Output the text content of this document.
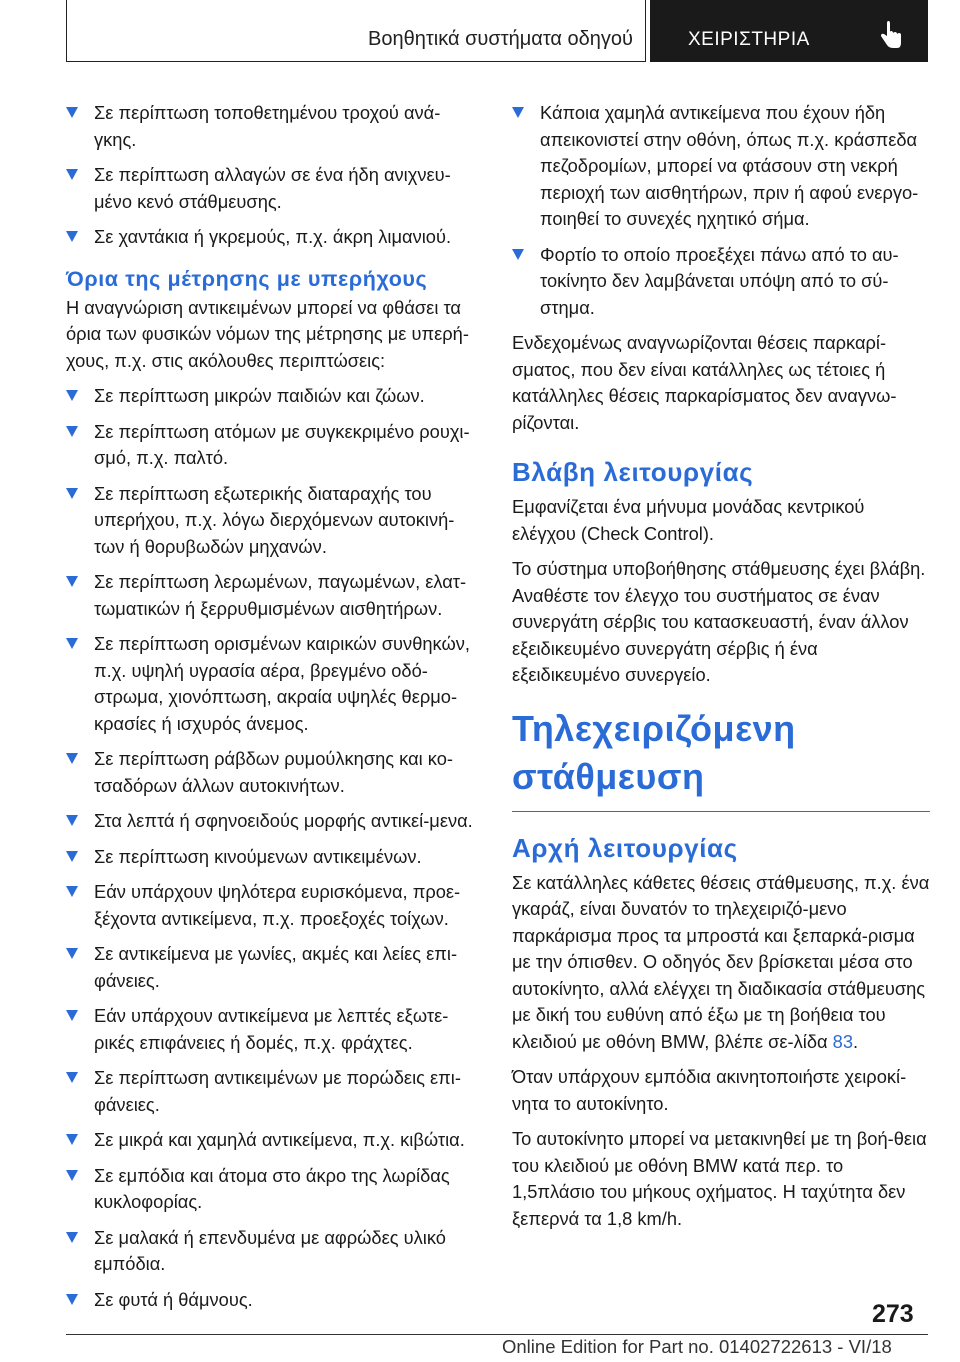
Βοηθητικά συστήματα οδηγού	ΧΕΙΡΙΣΤΗΡΙΑ
Σε περίπτωση τοποθετημένου τροχού ανά-γκης.
Σε περίπτωση αλλαγών σε ένα ήδη ανιχνευ-μένο κενό στάθμευσης.
Σε χαντάκια ή γκρεμούς, π.χ. άκρη λιμανιού.
Όρια της μέτρησης με υπερήχους
Η αναγνώριση αντικειμένων μπορεί να φθάσει τα όρια των φυσικών νόμων της μέτρησης με υπερή-χους, π.χ. στις ακόλουθες περιπτώσεις:
Σε περίπτωση μικρών παιδιών και ζώων.
Σε περίπτωση ατόμων με συγκεκριμένο ρουχι-σμό, π.χ. παλτό.
Σε περίπτωση εξωτερικής διαταραχής του υπερήχου, π.χ. λόγω διερχόμενων αυτοκινή-των ή θορυβωδών μηχανών.
Σε περίπτωση λερωμένων, παγωμένων, ελατ-τωματικών ή ξερρυθμισμένων αισθητήρων.
Σε περίπτωση ορισμένων καιρικών συνθηκών, π.χ. υψηλή υγρασία αέρα, βρεγμένο οδό-στρωμα, χιονόπτωση, ακραία υψηλές θερμο-κρασίες ή ισχυρός άνεμος.
Σε περίπτωση ράβδων ρυμούλκησης και κο-τσαδόρων άλλων αυτοκινήτων.
Στα λεπτά ή σφηνοειδούς μορφής αντικεί-μενα.
Σε περίπτωση κινούμενων αντικειμένων.
Εάν υπάρχουν ψηλότερα ευρισκόμενα, προε-ξέχοντα αντικείμενα, π.χ. προεξοχές τοίχων.
Σε αντικείμενα με γωνίες, ακμές και λείες επι-φάνειες.
Εάν υπάρχουν αντικείμενα με λεπτές εξωτε-ρικές επιφάνειες ή δομές, π.χ. φράχτες.
Σε περίπτωση αντικειμένων με πορώδεις επι-φάνειες.
Σε μικρά και χαμηλά αντικείμενα, π.χ. κιβώτια.
Σε εμπόδια και άτομα στο άκρο της λωρίδας κυκλοφορίας.
Σε μαλακά ή επενδυμένα με αφρώδες υλικό εμπόδια.
Σε φυτά ή θάμνους.
Κάποια χαμηλά αντικείμενα που έχουν ήδη απεικονιστεί στην οθόνη, όπως π.χ. κράσπεδα πεζοδρομίων, μπορεί να φτάσουν στη νεκρή περιοχή των αισθητήρων, πριν ή αφού ενεργο-ποιηθεί το συνεχές ηχητικό σήμα.
Φορτίο το οποίο προεξέχει πάνω από το αυ-τοκίνητο δεν λαμβάνεται υπόψη από το σύ-στημα.
Ενδεχομένως αναγνωρίζονται θέσεις παρκαρί-σματος, που δεν είναι κατάλληλες ως τέτοιες ή κατάλληλες θέσεις παρκαρίσματος δεν αναγνω-ρίζονται.
Βλάβη λειτουργίας
Εμφανίζεται ένα μήνυμα μονάδας κεντρικού ελέγχου (Check Control).
Το σύστημα υποβοήθησης στάθμευσης έχει βλάβη. Αναθέστε τον έλεγχο του συστήματος σε έναν συνεργάτη σέρβις του κατασκευαστή, έναν άλλον εξειδικευμένο συνεργάτη σέρβις ή ένα εξειδικευμένο συνεργείο.
Τηλεχειριζόμενη
στάθμευση
Αρχή λειτουργίας
Σε κατάλληλες κάθετες θέσεις στάθμευσης, π.χ. ένα γκαράζ, είναι δυνατόν το τηλεχειριζό-μενο παρκάρισμα προς τα μπροστά και ξεπαρκά-ρισμα με την όπισθεν. Ο οδηγός δεν βρίσκεται μέσα στο αυτοκίνητο, αλλά ελέγχει τη διαδικασία στάθμευσης με δική του ευθύνη από έξω με τη βοήθεια του κλειδιού με οθόνη BMW, βλέπε σε-λίδα 83.
Όταν υπάρχουν εμπόδια ακινητοποιήστε χειροκί-νητα το αυτοκίνητο.
Το αυτοκίνητο μπορεί να μετακινηθεί με τη βοή-θεια του κλειδιού με οθόνη BMW κατά περ. το 1,5πλάσιο του μήκους οχήματος. Η ταχύτητα δεν ξεπερνά τα 1,8 km/h.
273
Online Edition for Part no. 01402722613 - VI/18
